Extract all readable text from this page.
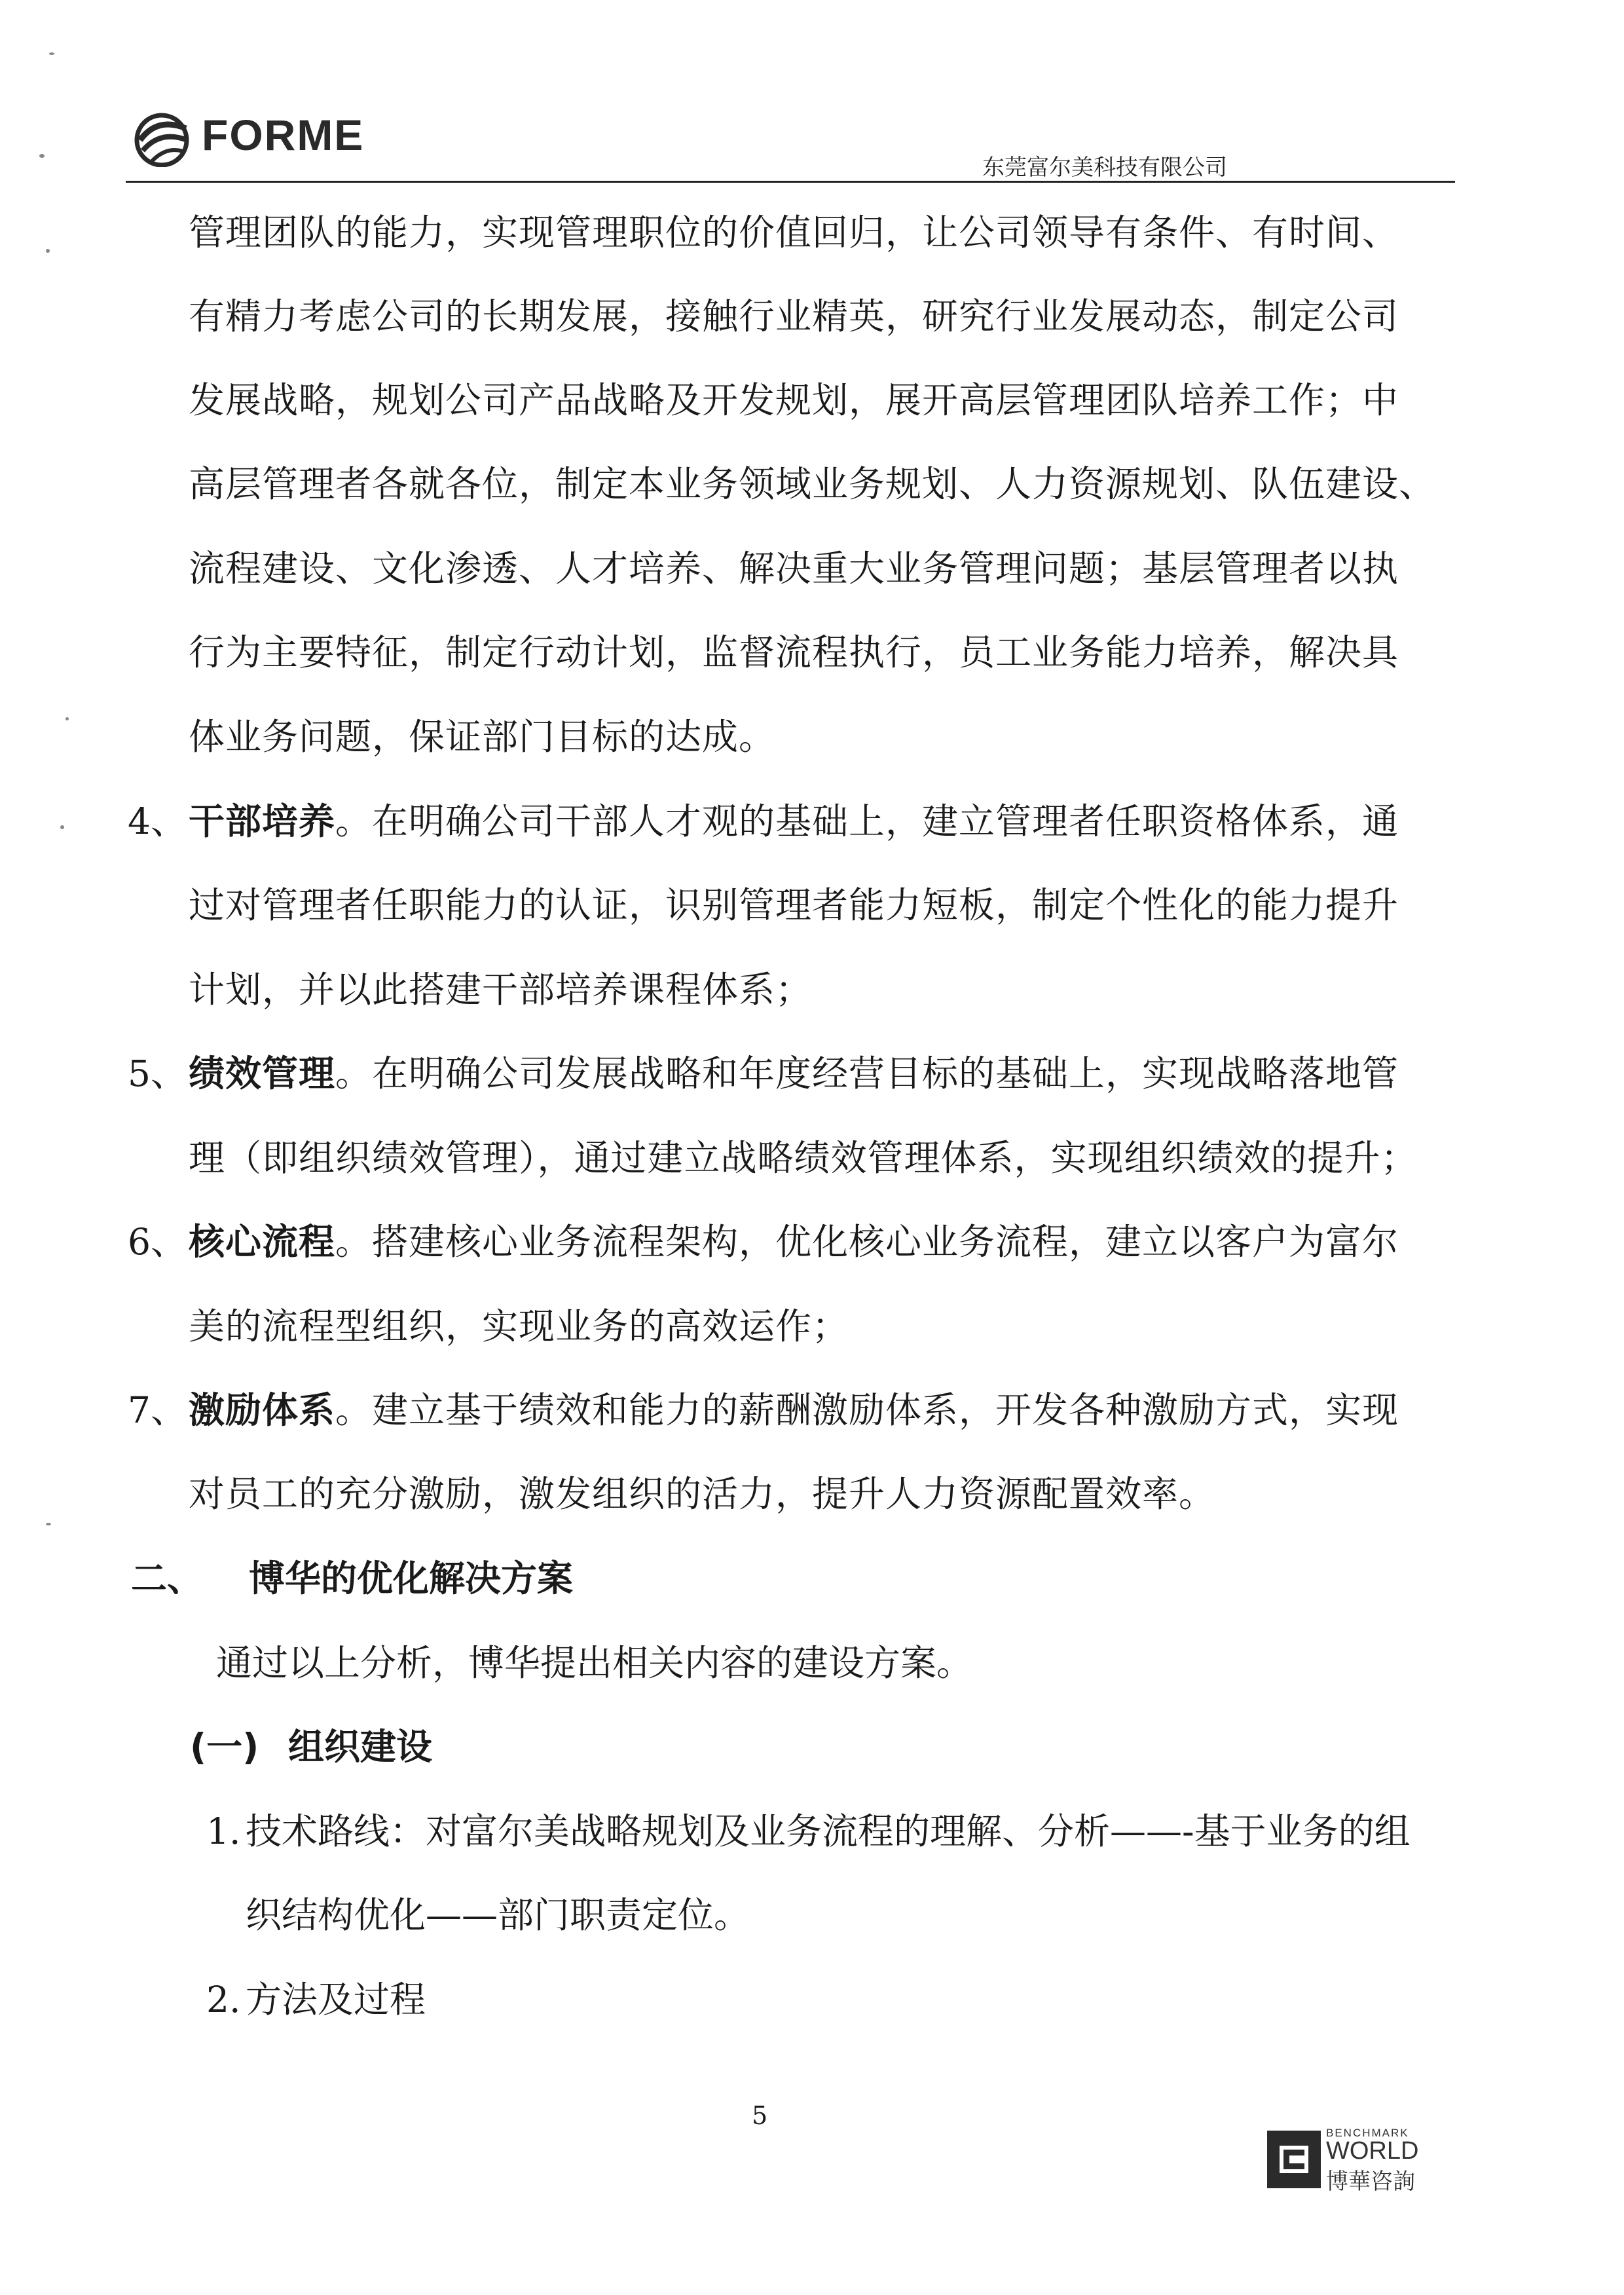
FORME
东莞富尔美科技有限公司
管理团队的能力，实现管理职位的价值回归，让公司领导有条件、有时间、
有精力考虑公司的长期发展，接触行业精英，研究行业发展动态，制定公司
发展战略，规划公司产品战略及开发规划，展开高层管理团队培养工作；中
高层管理者各就各位，制定本业务领域业务规划、人力资源规划、队伍建设、
流程建设、文化渗透、人才培养、解决重大业务管理问题；基层管理者以执
行为主要特征，制定行动计划，监督流程执行，员工业务能力培养，解决具
体业务问题，保证部门目标的达成。
4、 干部培养。在明确公司干部人才观的基础上，建立管理者任职资格体系，通
过对管理者任职能力的认证，识别管理者能力短板，制定个性化的能力提升
计划，并以此搭建干部培养课程体系；
5、 绩效管理。在明确公司发展战略和年度经营目标的基础上，实现战略落地管
理（即组织绩效管理），通过建立战略绩效管理体系，实现组织绩效的提升；
6、 核心流程。搭建核心业务流程架构，优化核心业务流程，建立以客户为富尔
美的流程型组织，实现业务的高效运作；
7、 激励体系。建立基于绩效和能力的薪酬激励体系，开发各种激励方式，实现
对员工的充分激励，激发组织的活力，提升人力资源配置效率。
二、 博华的优化解决方案
通过以上分析，博华提出相关内容的建设方案。
(一) 组织建设
1. 技术路线：对富尔美战略规划及业务流程的理解、分析——-基于业务的组
织结构优化——部门职责定位。
2. 方法及过程
5
BENCHMARK
WORLD
博華咨詢
